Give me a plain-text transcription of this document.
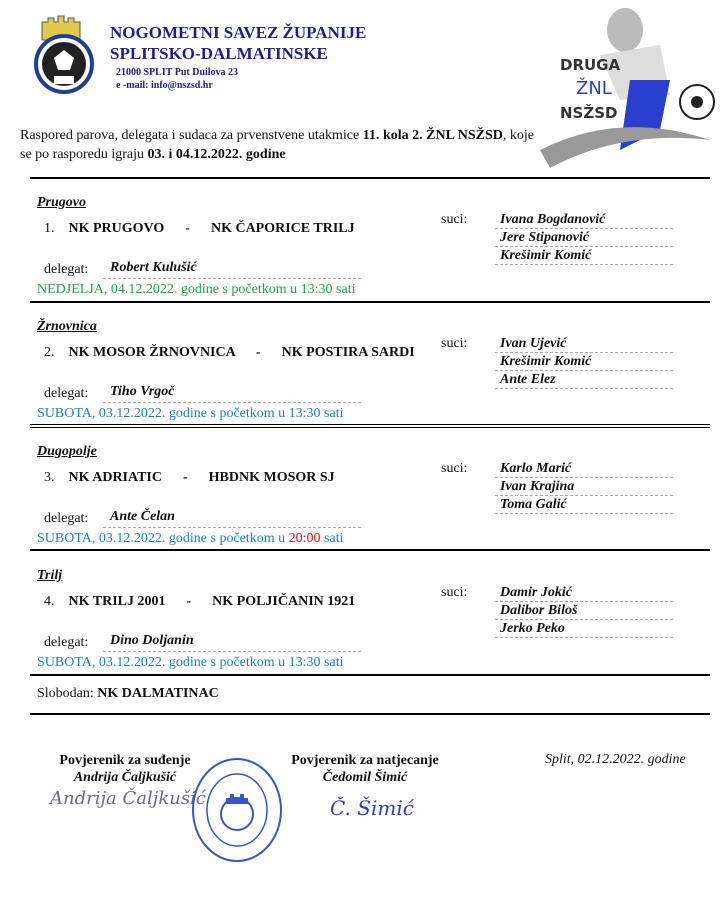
NOGOMETNI SAVEZ ŽUPANIJE
SPLITSKO-DALMATINSKE
21000 SPLIT Put Duilova 23
e -mail: info@nszsd.hr
DRUGA
ŽNL
NSŽSD
Raspored parova, delegata i sudaca za prvenstvene utakmice 11. kola 2. ŽNL NSŽSD, koje se po rasporedu igraju 03. i 04.12.2022. godine
Prugovo
1. NK PRUGOVO - NK ČAPORICE TRILJ
suci:	Ivana Bogdanović
Jere Stipanović
Krešimir Komić
delegat:	Robert Kulušić
NEDJELJA, 04.12.2022. godine s početkom u 13:30 sati
Žrnovnica
2. NK MOSOR ŽRNOVNICA - NK POSTIRA SARDI
suci:	Ivan Ujević
Krešimir Komić
Ante Elez
delegat:	Tiho Vrgoč
SUBOTA, 03.12.2022. godine s početkom u 13:30 sati
Dugopolje
3. NK ADRIATIC - HBDNK MOSOR SJ
suci:	Karlo Marić
Ivan Krajina
Toma Galić
delegat:	Ante Čelan
SUBOTA, 03.12.2022. godine s početkom u 20:00 sati
Trilj
4. NK TRILJ 2001 - NK POLJIČANIN 1921
suci:	Damir Jokić
Dalibor Biloš
Jerko Peko
delegat:	Dino Doljanin
SUBOTA, 03.12.2022. godine s početkom u 13:30 sati
Slobodan: NK DALMATINAC
Povjerenik za suđenje
Andrija Čaljkušić
Andrija Čaljkušić
Povjerenik za natjecanje
Čedomil Šimić
Č. Šimić
Split, 02.12.2022. godine
